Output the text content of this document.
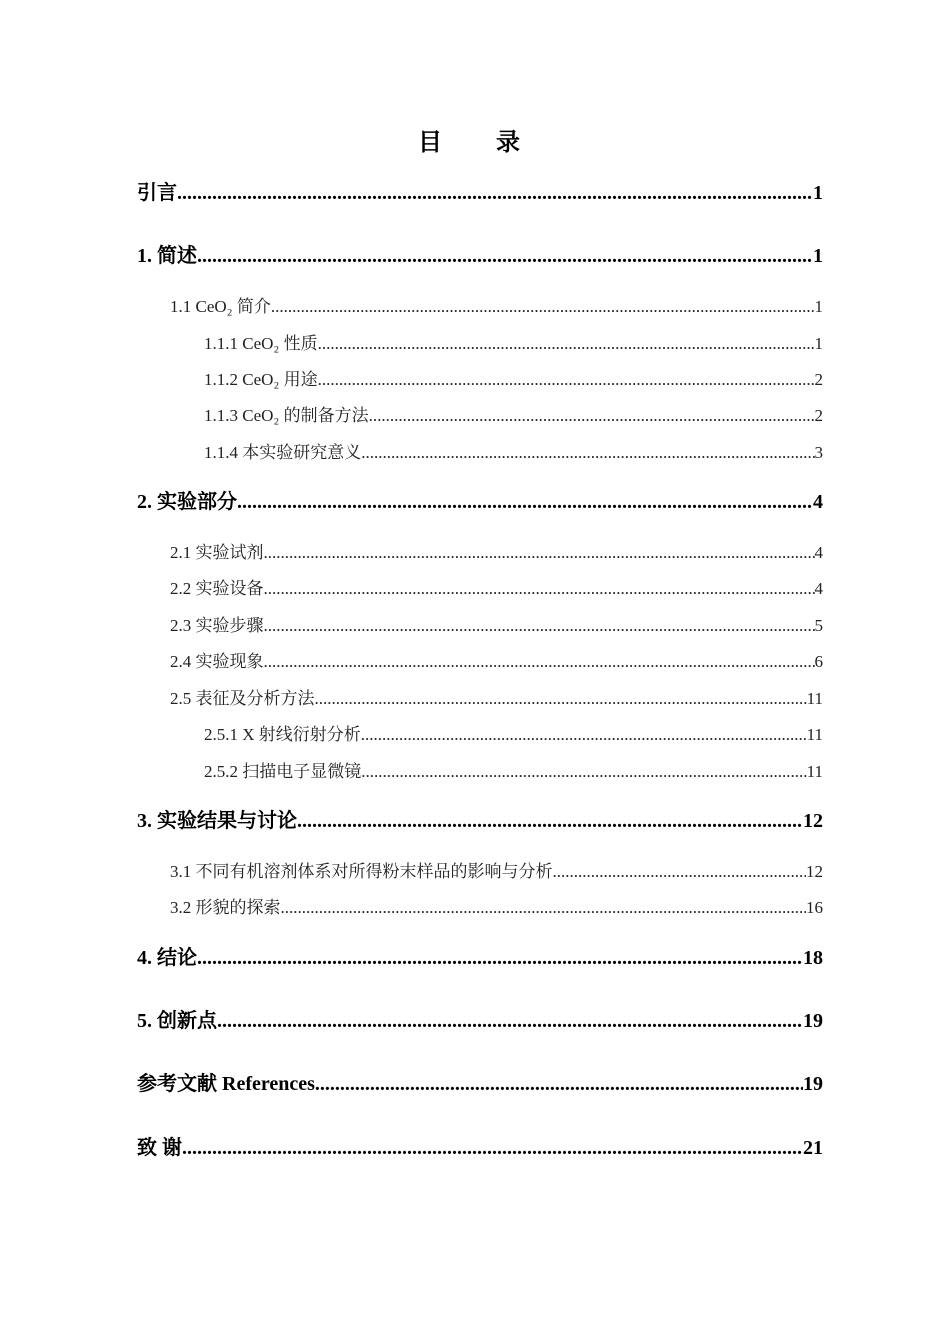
目 录
引言 .....	1
1. 简述 .....	1
1.1 CeO₂ 简介 .....	1
1.1.1 CeO₂ 性质 .....	1
1.1.2 CeO₂ 用途 .....	2
1.1.3 CeO₂ 的制备方法 .....	2
1.1.4 本实验研究意义 .....	3
2. 实验部分 .....	4
2.1 实验试剂 .....	4
2.2 实验设备 .....	4
2.3 实验步骤 .....	5
2.4 实验现象 .....	6
2.5 表征及分析方法 .....	11
2.5.1 X 射线衍射分析 .....	11
2.5.2 扫描电子显微镜 .....	11
3. 实验结果与讨论 .....	12
3.1 不同有机溶剂体系对所得粉末样品的影响与分析 .....	12
3.2 形貌的探索 .....	16
4. 结论 .....	18
5. 创新点 .....	19
参考文献 References .....	19
致 谢 .....	21
